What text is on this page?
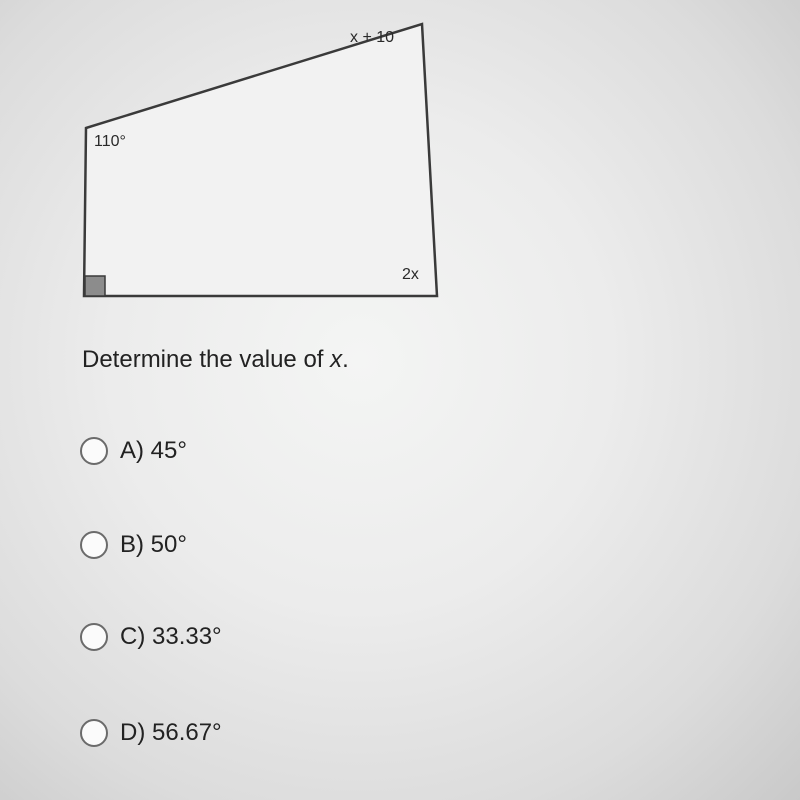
x + 10
110°
2x
Determine the value of x.
A) 45°
B) 50°
C) 33.33°
D) 56.67°
